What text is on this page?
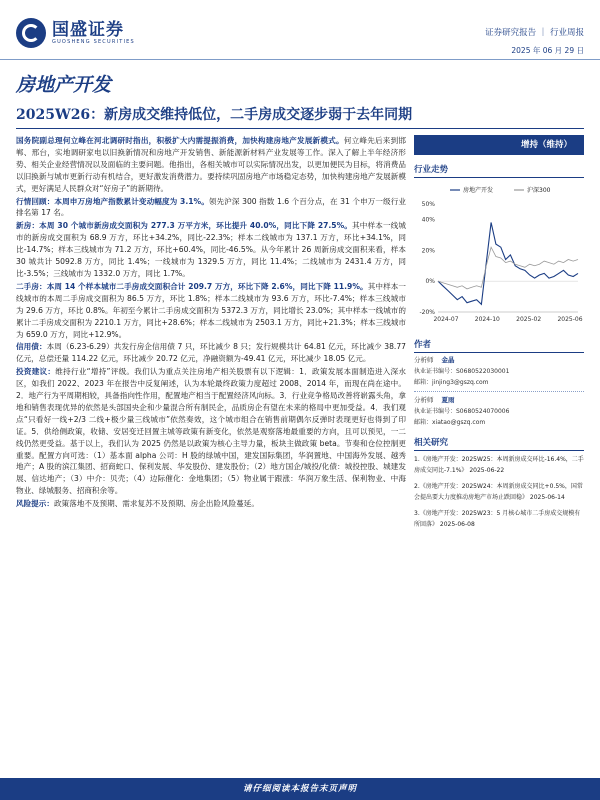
国盛证券
GUOSHENG SECURITIES
证券研究报告 ｜ 行业周报
2025 年 06 月 29 日
房地产开发
2025W26：新房成交维持低位，二手房成交逐步弱于去年同期

国务院副总理何立峰在河北调研时指出，积极扩大内需提振消费，加快构建房地产发展新模式。何立峰先后来到邯郸、邢台，实地调研家电以旧换新情况和房地产开发销售、新能源新材料产业发展等工作。深入了解上半年经济形势、相关企业经营情况以及面临的主要问题。他指出，各相关城市可以实际情况出发，以更加便民为目标，将消费品以旧换新与城市更新行动有机结合，更好激发消费潜力。要持续巩固房地产市场稳定态势，加快构建房地产发展新模式，更好满足人民群众对“好房子”的新期待。

行情回顾：本周申万房地产指数累计变动幅度为 3.1%。领先沪深 300 指数 1.6 个百分点，在 31 个申万一级行业排名第 17 名。

新房：本周 30 个城市新房成交面积为 277.3 万平方米，环比提升 40.0%，同比下降 27.5%。其中样本一线城市的新房成交面积为 68.9 万方，环比+34.2%，同比-22.3%；样本二线城市为 137.1 万方，环比+34.1%，同比-14.7%；样本三线城市为 71.2 万方，环比+60.4%，同比-46.5%。从今年累计 26 周新房成交面积来看，样本 30 城共计 5092.8 万方，同比 1.4%；一线城市为 1329.5 万方，同比 11.4%；二线城市为 2431.4 万方，同比-3.5%；三线城市为 1332.0 万方，同比 1.7%。

二手房：本周 14 个样本城市二手房成交面积合计 209.7 万方，环比下降 2.6%，同比下降 11.9%。其中样本一线城市的本周二手房成交面积为 86.5 万方，环比 1.8%；样本二线城市为 93.6 万方，环比-7.4%；样本三线城市为 29.6 万方，环比 0.8%。年初至今累计二手房成交面积为 5372.3 万方，同比增长 23.0%；其中样本一线城市的累计二手房成交面积为 2210.1 万方，同比+28.6%；样本二线城市为 2503.1 万方，同比+21.3%；样本三线城市为 659.0 万方，同比+12.9%。

信用债：本周（6.23-6.29）共发行房企信用债 7 只，环比减少 8 只；发行规模共计 64.81 亿元，环比减少 38.77 亿元，总偿还量 114.22 亿元，环比减少 20.72 亿元，净融资额为-49.41 亿元，环比减少 18.05 亿元。

投资建议：维持行业“增持”评级。我们认为重点关注房地产相关股票有以下逻辑：1．政策发展本面制造进入深水区，如我们 2022、2023 年在报告中反复阐述，认为本轮最终政策力度超过 2008、2014 年，而现在尚在途中。2．地产行为平周期相较，具备指向性作用，配置地产相当于配置经济风向标。3．行业竞争格局改善将崭露头角，拿地和销售表现优异的依然是头部国央企和少量混合所有制民企，品质房企有望在未来的格局中更加受益。4．我们观点“只看好一线+2/3 二线+极少量三线城市”依然奏效，这个城市组合在销售前期偶尔反弹时表现更好也得到了印证。5．供给侧政策，收储、安居变迁回置主城等政策有新变化，依然是观察落地最重要的方向，且可以预见，一二线仍然更受益。基于以上，我们认为 2025 仍然是以政策为核心主导力量，板块主做政策 beta。节奏和仓位控制更重要。配置方向可选：（1）基本面 alpha 公司：H 股的绿城中国，建发国际集团，华润置地、中国海外发展、越秀地产；A 股的滨江集团、招商蛇口、保利发展、华发股份、建发股份；（2）地方国企/城投/化债：城投控股、城建发展、信达地产；（3）中介：贝壳；（4）边际催化：金地集团；（5）物业属于跟涨：华润万象生活、保利物业、中海物业、绿城服务、招商积余等。

风险提示：政策落地不及预期、需求复苏不及预期、房企出险风险蔓延。

增持（维持）
行业走势
-20%
0%
20%
40%
50%
2024-07	2024-10	2025-02	2025-06
房地产开发	沪深300
作者
分析师 金晶
执业证书编号：S0680522030001
邮箱：jinjing3@gszq.com
分析师 夏雨
执业证书编号：S0680524070006
邮箱：xiatao@gszq.com
相关研究
1.《房地产开发：2025W25：本周新房成交环比-16.4%，二手房成交同比-7.1%》 2025-06-22
2.《房地产开发：2025W24：本周新房成交同比+0.5%，国常会提出要大力度推动房地产市场止跌回稳》 2025-06-14
3.《房地产开发：2025W23：5 月核心城市二手房成交规模有所回落》 2025-06-08
请仔细阅读本报告末页声明
